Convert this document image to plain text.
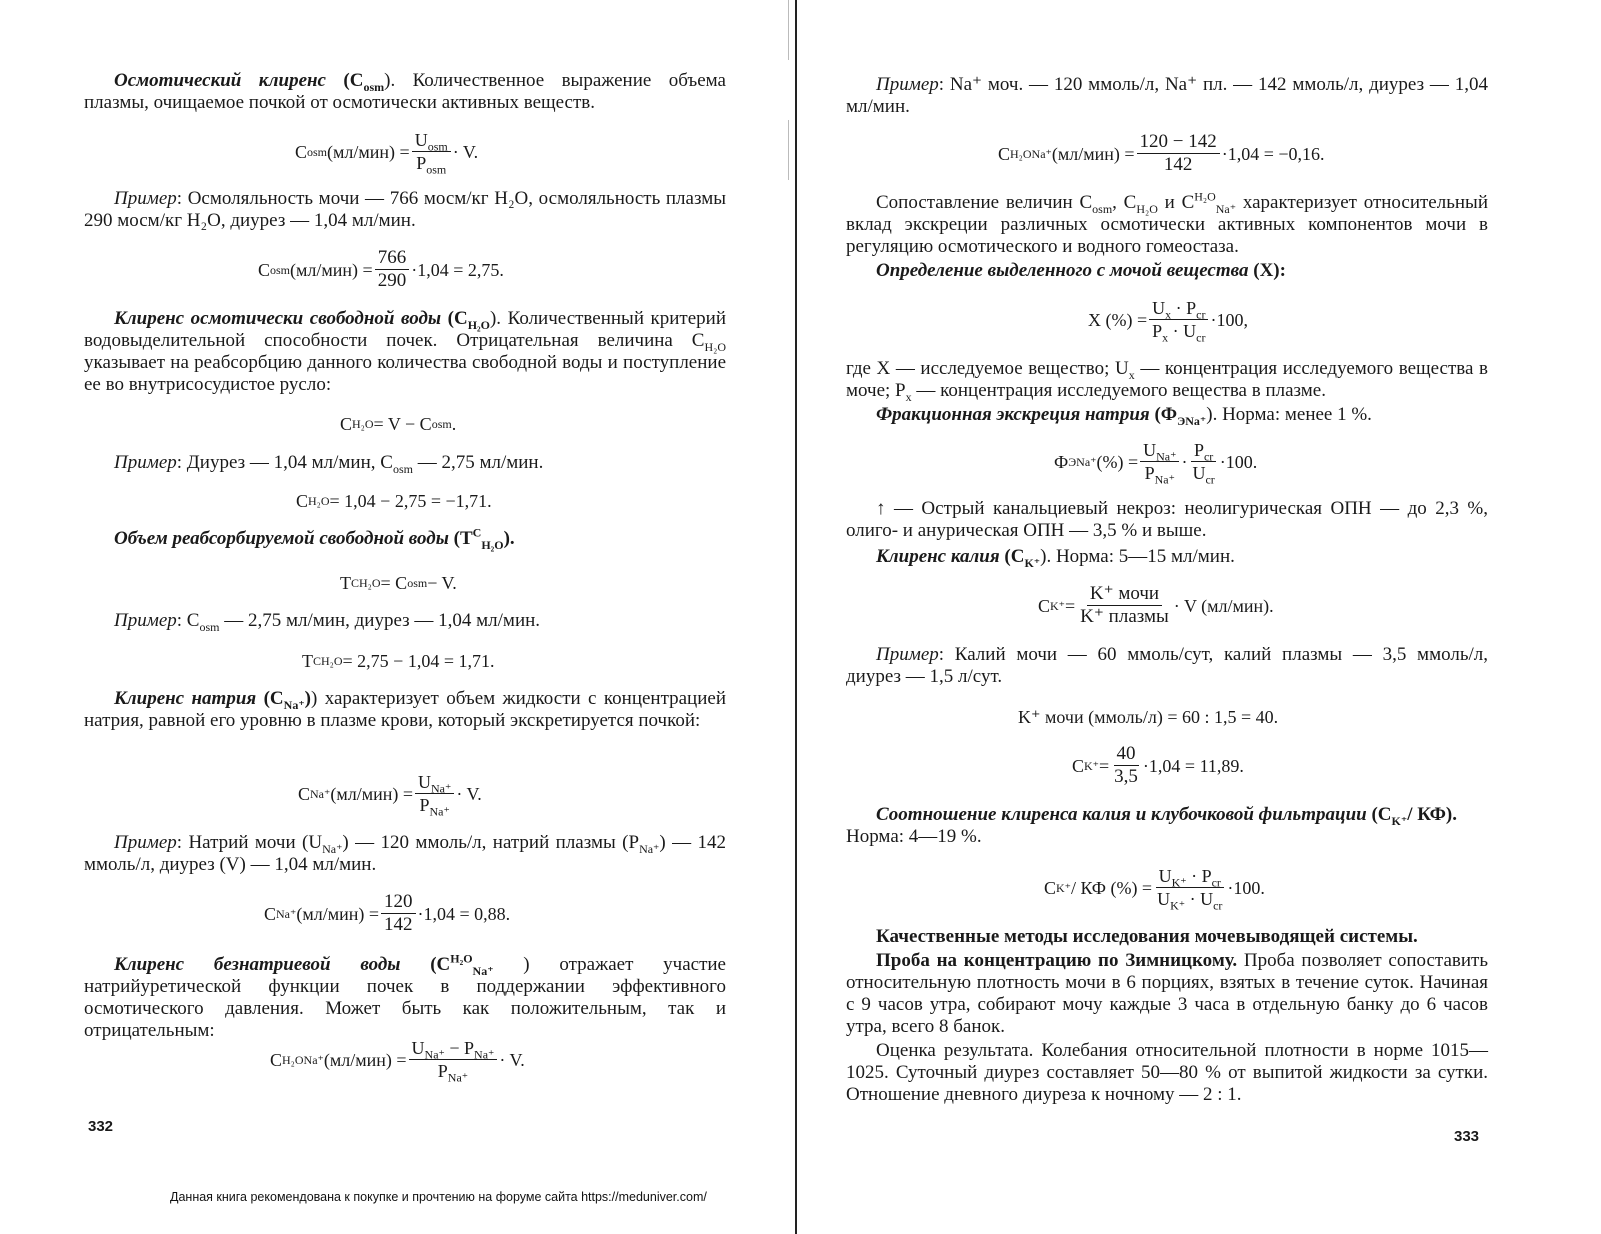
Осмотический клиренс $(C_{osm})$. Количественное выражение объема плазмы, очищаемое почкой от осмотически активных веществ.

C osm $(мл/мин) = \frac{U_{osm}}{P_{osm}} \cdot V$.

Пример: Осмоляльность мочи — 766 мосм/кг H₂O, осмоляльность плазмы 290 мосм/кг H₂O, диурез — 1,04 мл/мин.

C osm $(мл/мин) = \frac{766}{290} \cdot 1,04 = 2,75$.

Клиренс осмотически свободной воды $(C_{H_2O})$. Количественный критерий водовыделительной способности почек. Отрицательная величина $C_{H_2O}$ указывает на реабсорбцию данного количества свободной воды и поступление ее во внутрисосудистое русло:

C H₂O = V − C osm .

Пример: Диурез — 1,04 мл/мин, $C_{osm}$ — 2,75 мл/мин.

C H₂O = 1,04 − 2,75 = −1,71.

Объем реабсорбируемой свободной воды $(T^C_{H_2O})$.

T C H₂O = C osm − V.

Пример: $C_{osm}$ — 2,75 мл/мин, диурез — 1,04 мл/мин.

T C H₂O = 2,75 − 1,04 = 1,71.

Клиренс натрия $(C_{Na^+})$) характеризует объем жидкости с концентрацией натрия, равной его уровню в плазме крови, который экскретируется почкой:

C Na⁺ $(мл/мин) = \frac{U_{Na^+}}{P_{Na^+}} \cdot V$.

Пример: Натрий мочи $(U_{Na^+})$ — 120 ммоль/л, натрий плазмы $(P_{Na^+})$ — 142 ммоль/л, диурез (V) — 1,04 мл/мин.

C Na⁺ $(мл/мин) = \frac{120}{142} \cdot 1,04 = 0,88$.

Клиренс безнатриевой воды ($C^{H_2O}_{Na^+}$ ) отражает участие натрийуретической функции почек в поддержании эффективного осмотического давления. Может быть как положительным, так и отрицательным:

C H₂O Na⁺ $(мл/мин) = \frac{U_{Na^+} - P_{Na^+}}{P_{Na^+}} \cdot V$.
332
Данная книга рекомендована к покупке и прочтению на форуме сайта https://meduniver.com/

Пример: Na⁺ моч. — 120 ммоль/л, Na⁺ пл. — 142 ммоль/л, диурез — 1,04 мл/мин.

C H₂O Na⁺ $(мл/мин) = \frac{120 - 142}{142} \cdot 1,04 = -0,16$.

Сопоставление величин $C_{osm}$, $C_{H_2O}$ и $C^{H_2O}_{Na^+}$ характеризует относительный вклад экскреции различных осмотически активных компонентов мочи в регуляцию осмотического и водного гомеостаза.

Определение выделенного с мочой вещества (X):

X (%) = $\frac{U_x \cdot P_{cr}}{P_x \cdot U_{cr}} \cdot 100$,

где X — исследуемое вещество; $U_x$ — концентрация исследуемого вещества в моче; $P_x$ — концентрация исследуемого вещества в плазме.

Фракционная экскреция натрия $(Ф_{ЭNa^+})$. Норма: менее 1 %.

Ф ЭNa⁺ (%) = $\frac{U_{Na^+}}{P_{Na^+}} \cdot \frac{P_{cr}}{U_{cr}} \cdot 100$.

↑ — Острый канальциевый некроз: неолигурическая ОПН — до 2,3 %, олиго- и анурическая ОПН — 3,5 % и выше.

Клиренс калия $(C_{K^+})$. Норма: 5—15 мл/мин.

C $K^+ = \frac{\text{K⁺ мочи}}{\text{K⁺ плазмы}} \cdot V$ (мл/мин).

Пример: Калий мочи — 60 ммоль/сут, калий плазмы — 3,5 ммоль/л, диурез — 1,5 л/сут.

K⁺ мочи (ммоль/л) = 60 : 1,5 = 40.
C $K^+ = \frac{40}{3,5} \cdot 1,04 = 11,89$.

Соотношение клиренса калия и клубочковой фильтрации ($C_{K^+}/$ КФ).
Норма: 4—19 %.

C K⁺ / КФ (%) = $\frac{U_{K^+} \cdot P_{cr}}{U_{K^+} \cdot U_{cr}} \cdot 100$.

Качественные методы исследования мочевыводящей системы.

Проба на концентрацию по Зимницкому. Проба позволяет сопоставить относительную плотность мочи в 6 порциях, взятых в течение суток. Начиная с 9 часов утра, собирают мочу каждые 3 часа в отдельную банку до 6 часов утра, всего 8 банок.

Оценка результата. Колебания относительной плотности в норме 1015—1025. Суточный диурез составляет 50—80 % от выпитой жидкости за сутки. Отношение дневного диуреза к ночному — 2 : 1.

333
